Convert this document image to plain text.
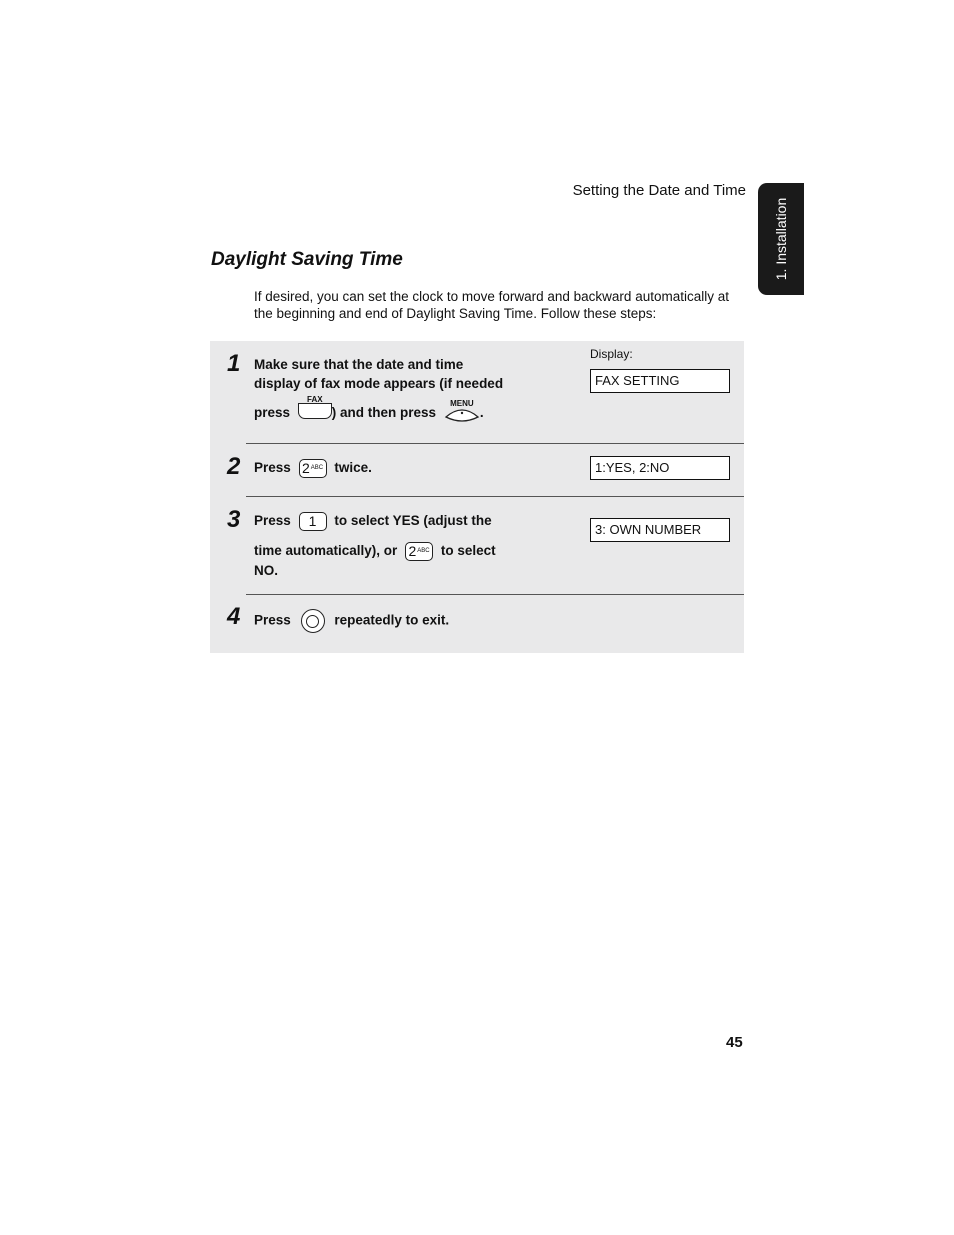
Setting the Date and Time
1. Installation
Daylight Saving Time
If desired, you can set the clock to move forward and backward automatically at the beginning and end of Daylight Saving Time. Follow these steps:
1 Make sure that the date and time
display of fax mode appears (if needed
press
FAX
) and then press
MENU
.
Display:
FAX SETTING
2 Press 2 ABC twice.	1:YES, 2:NO
3 Press 1 to select YES (adjust the
time automatically), or 2 ABC to select
NO.
3: OWN NUMBER
4 Press	repeatedly to exit.
45
